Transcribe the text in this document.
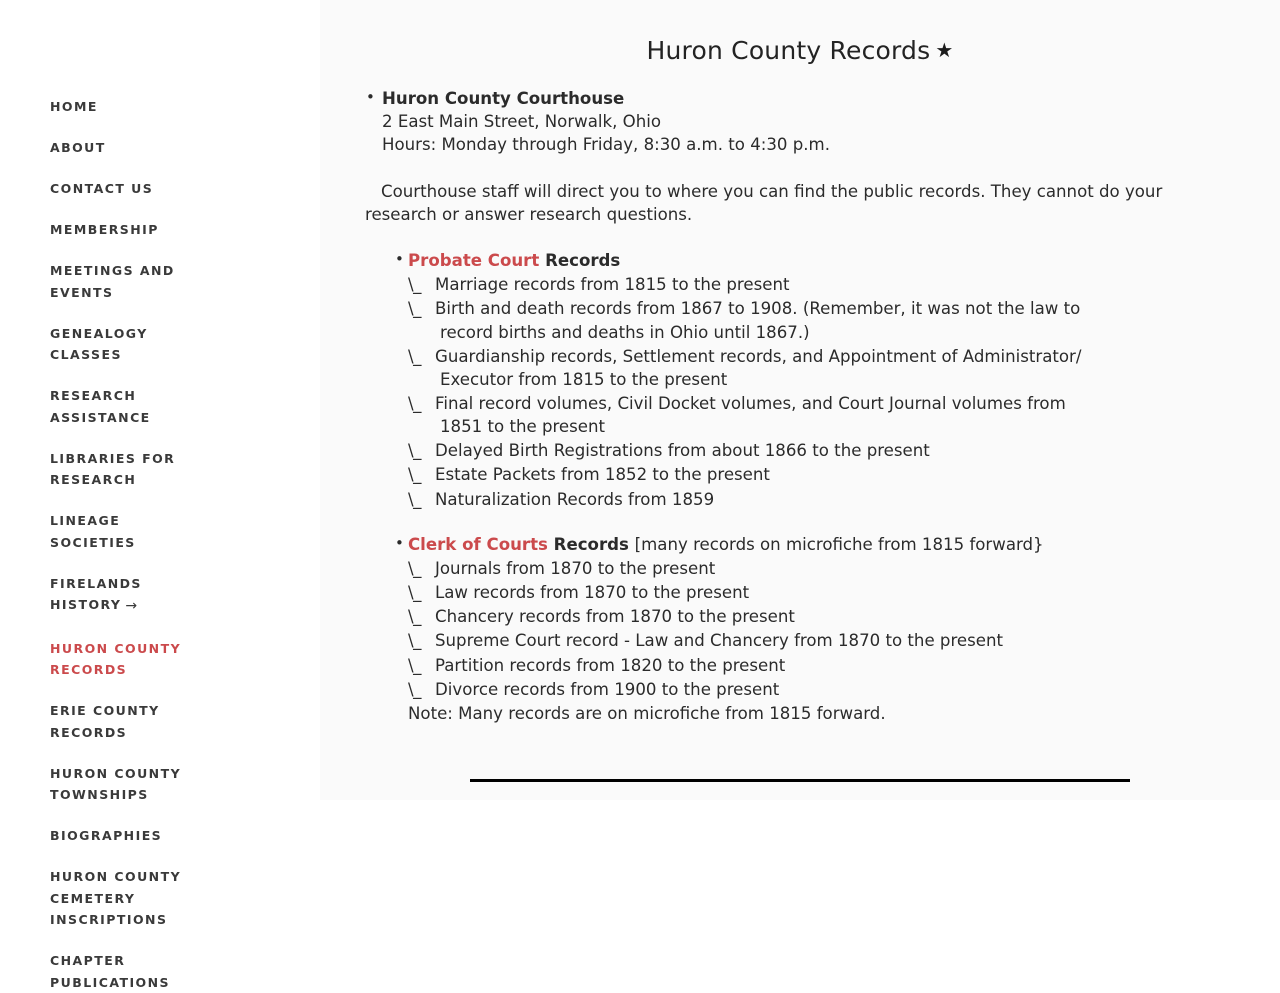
HOME
ABOUT
CONTACT US
MEMBERSHIP
MEETINGS AND EVENTS
GENEALOGY CLASSES
RESEARCH ASSISTANCE
LIBRARIES FOR RESEARCH
LINEAGE SOCIETIES
FIRELANDS HISTORY →
HURON COUNTY RECORDS
ERIE COUNTY RECORDS
HURON COUNTY TOWNSHIPS
BIOGRAPHIES
HURON COUNTY CEMETERY INSCRIPTIONS
CHAPTER PUBLICATIONS
Huron County Records ★
• Huron County Courthouse
2 East Main Street, Norwalk, Ohio
Hours: Monday through Friday, 8:30 a.m. to 4:30 p.m.

Courthouse staff will direct you to where you can find the public records. They cannot do your research or answer research questions.

• Probate Court Records
\_ Marriage records from 1815 to the present
\_ Birth and death records from 1867 to 1908. (Remember, it was not the law to
record births and deaths in Ohio until 1867.)
\_ Guardianship records, Settlement records, and Appointment of Administrator/
Executor from 1815 to the present
\_ Final record volumes, Civil Docket volumes, and Court Journal volumes from
1851 to the present
\_ Delayed Birth Registrations from about 1866 to the present
\_ Estate Packets from 1852 to the present
\_ Naturalization Records from 1859
• Clerk of Courts Records [many records on microfiche from 1815 forward}
\_ Journals from 1870 to the present
\_ Law records from 1870 to the present
\_ Chancery records from 1870 to the present
\_ Supreme Court record - Law and Chancery from 1870 to the present
\_ Partition records from 1820 to the present
\_ Divorce records from 1900 to the present
Note: Many records are on microfiche from 1815 forward.
